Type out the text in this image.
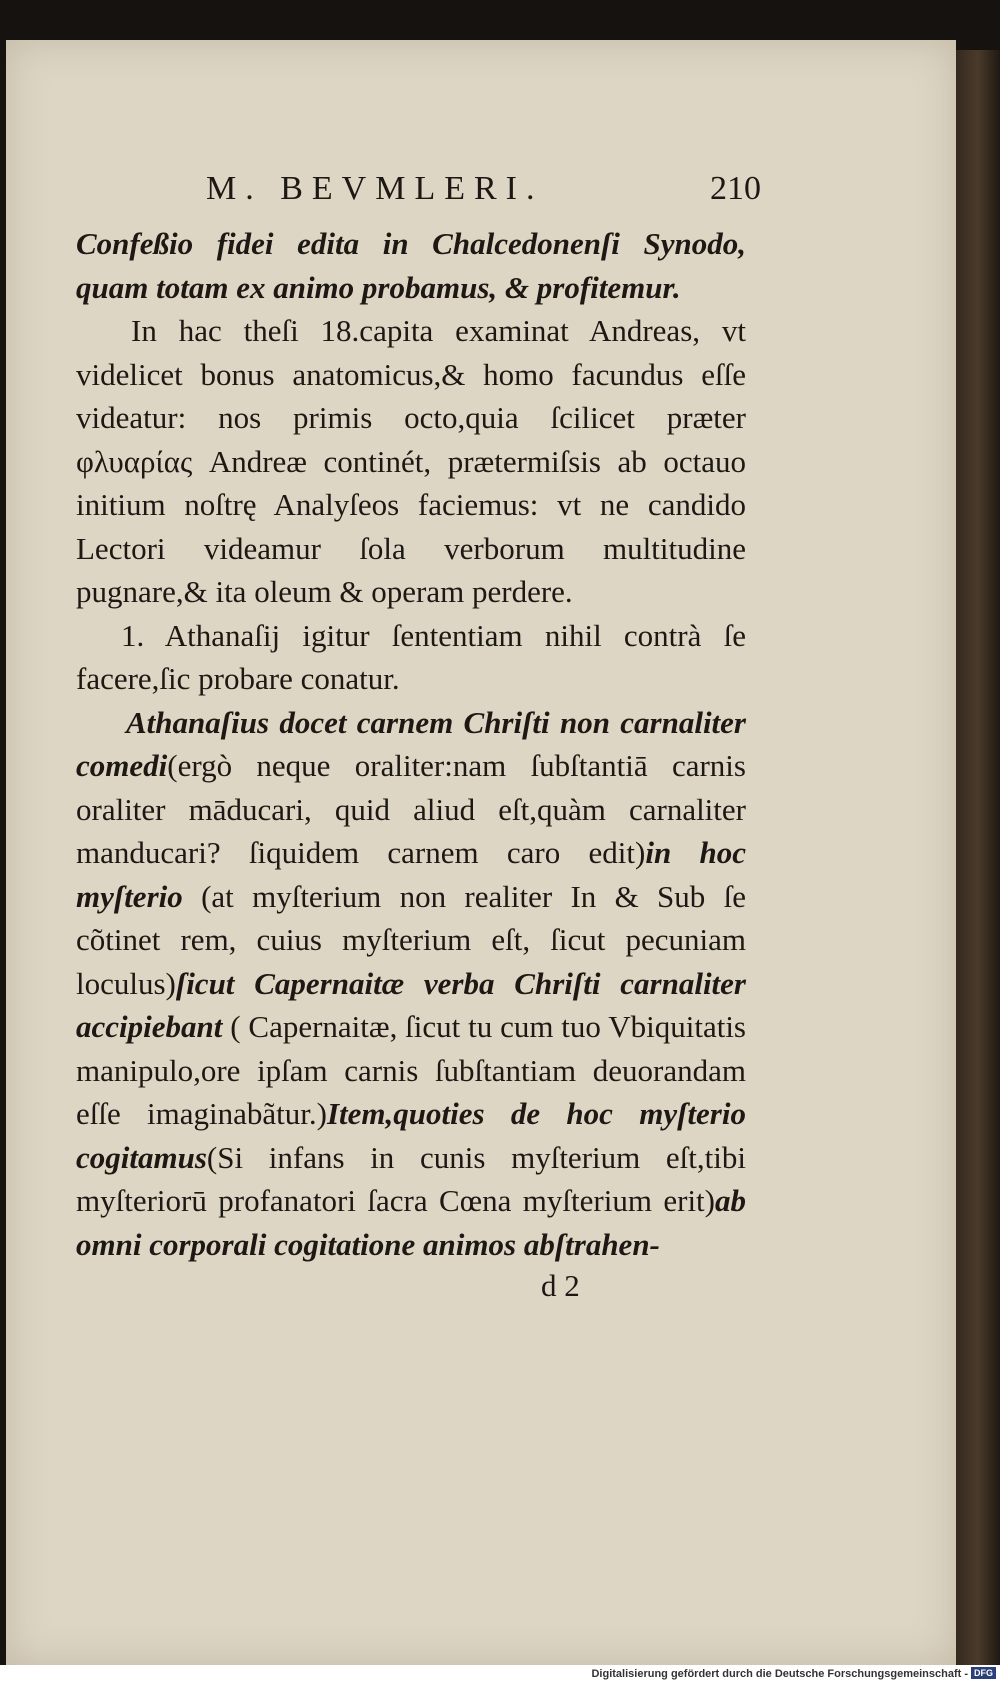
M. BEVMLERI.	210

Confeßio fidei edita in Chalcedonenſi Synodo, quam totam ex animo probamus, & profitemur.

In hac theſi 18.capita examinat Andreas, vt videlicet bonus anatomicus,& homo facundus eſſe videatur: nos primis octo,quia ſcilicet præter φλυαρίας Andreæ continét, prætermiſsis ab octauo initium noſtrę Analyſeos faciemus: vt ne candido Lectori videamur ſola verborum multitudine pugnare,& ita oleum & operam perdere.

1. Athanaſij igitur ſententiam nihil contrà ſe facere,ſic probare conatur.

Athanaſius docet carnem Chriſti non carnaliter comedi(ergò neque oraliter:nam ſubſtantiā carnis oraliter māducari, quid aliud eſt,quàm carnaliter manducari? ſiquidem carnem caro edit)in hoc myſterio (at myſterium non realiter In & Sub ſe cõtinet rem, cuius myſterium eſt, ſicut pecuniam loculus)ſicut Capernaitæ verba Chriſti carnaliter accipiebant ( Capernaitæ, ſicut tu cum tuo Vbiquitatis manipulo,ore ipſam carnis ſubſtantiam deuorandam eſſe imaginabãtur.)Item,quoties de hoc myſterio cogitamus(Si infans in cunis myſterium eſt,tibi myſteriorū profanatori ſacra Cœna myſterium erit)ab omni corporali cogitatione animos abſtrahen-

d 2
Digitalisierung gefördert durch die Deutsche Forschungsgemeinschaft - DFG
